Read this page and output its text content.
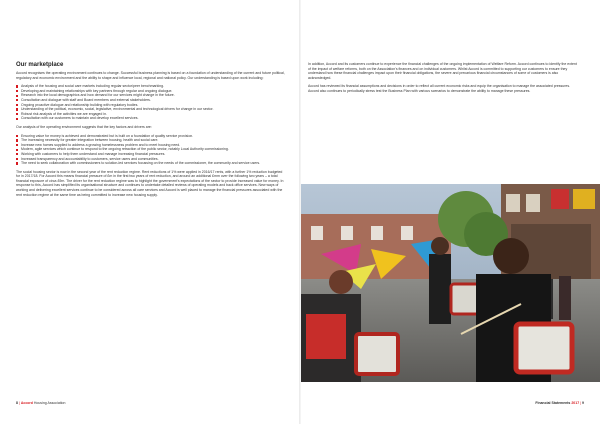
Our marketplace

Accord recognises the operating environment continues to change. Successful business planning is based on a foundation of understanding of the current and future political, regulatory and economic environment and the ability to shape and influence local, regional and national policy. Our understanding is based upon work including:

Analysis of the housing and social care markets including regular sector/peer benchmarking.
Developing and maintaining relationships with key partners through regular and ongoing dialogue.
Research into the local demographics and how demand for our services might change in the future.
Consultation and dialogue with staff and Board members and external stakeholders.
Ongoing proactive dialogue and relationship building with regulatory bodies.
Understanding of the political, economic, social, legislative, environmental and technological drivers for change in our sector.
Robust risk analysis of the activities we are engaged in.
Consultation with our customers to maintain and develop excellent services.

Our analysis of the operating environment suggests that the key factors and drivers are:

Ensuring value for money is achieved and demonstrated but is built on a foundation of quality service provision.
The increasing necessity for greater integration between housing, health and social care.
Increase new homes supplied to address a growing homelessness problem and to meet housing need.
Modern, agile services which continue to respond to the ongoing retraction of the public sector, notably Local Authority commissioning.
Working with customers to help them understand and manage increasing financial pressures.
Increased transparency and accountability to customers, service users and communities.
The need to seek collaboration with commissioners to solution-led services focussing on the needs of the commissioner, the community and service users.

The social housing sector is now in the second year of the rent reduction regime. Rent reductions of 1% were applied in 2016/17 rents, with a further 1% reduction budgeted for in 2017/18. For Accord this means financial pressure of £m in the first two years of rent reduction, and around an additional £mm over the following two years – a total financial exposure of circa £9m. The driver for the rent reduction regime was to highlight the government's expectations of the sector to provide increased value for money. In response to this, Accord has simplified its organisational structure and continues to undertake detailed reviews of operating models and back office services. New ways of working and delivering excellent services continue to be considered across all care services and Accord is well placed to manage the financial pressures associated with the rent reduction regime at the same time as being committed to increase new housing supply.

8 | Accord Housing Association

In addition, Accord and its customers continue to experience the financial challenges of the ongoing implementation of Welfare Reform. Accord continues to identify the extent of the impact of welfare reforms, both on the Association's finances and on individual customers. Whilst Accord is committed to supporting our customers to ensure they understand how these financial challenges impact upon their financial obligations, the severe and precarious financial circumstances of some of customers is also acknowledged.

Accord has reviewed its financial assumptions and decisions in order to reflect all current economic risks and equip the organisation to manage the associated pressures. Accord also continues to periodically stress test the Business Plan with various scenarios to demonstrate the ability to manage these pressures.

Financial Statements 2017 | 9
